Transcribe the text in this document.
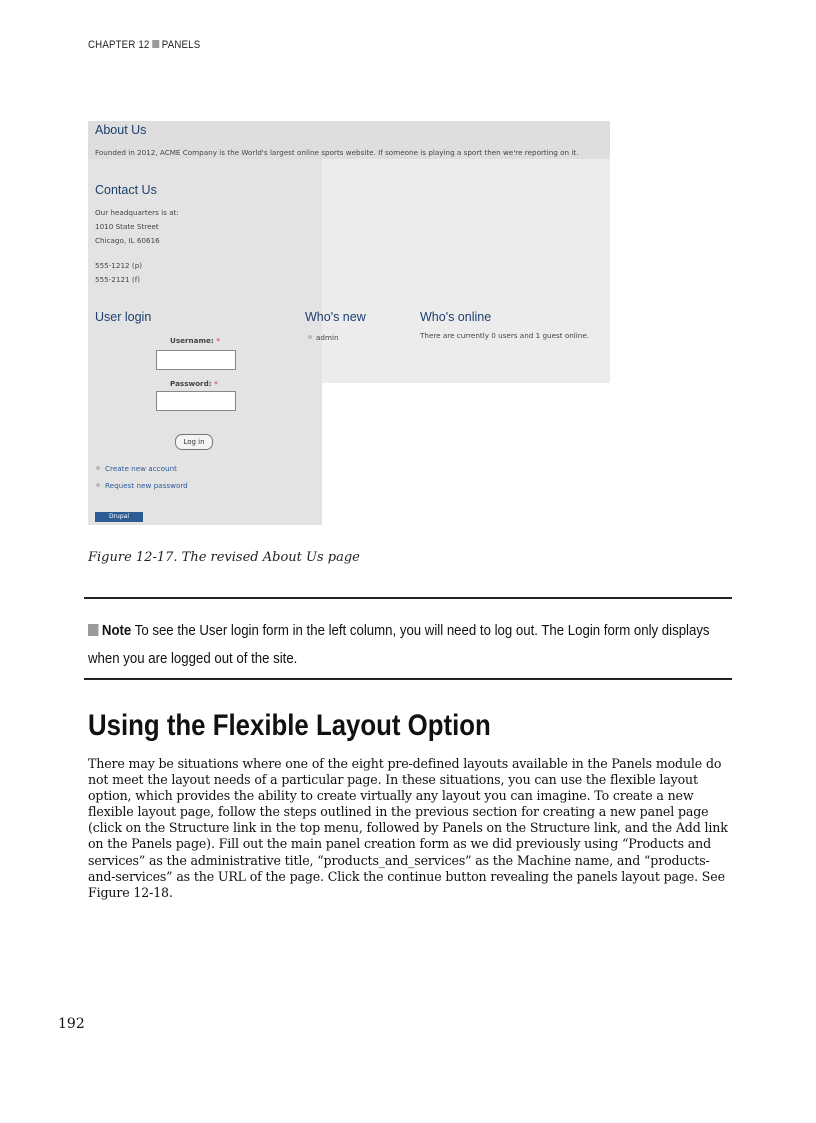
CHAPTER 12 PANELS
About Us
Founded in 2012, ACME Company is the World's largest online sports website. If someone is playing a sport then we're reporting on it.
Contact Us
Our headquarters is at:
1010 State Street
Chicago, IL 60616
555-1212 (p)
555-2121 (f)
User login
Username: *
Password: *
Log in
Create new account
Request new password
Drupal
Who's new
admin
Who's online
There are currently 0 users and 1 guest online.
Figure 12-17. The revised About Us page
Note To see the User login form in the left column, you will need to log out. The Login form only displays when you are logged out of the site.
Using the Flexible Layout Option
There may be situations where one of the eight pre-defined layouts available in the Panels module do not meet the layout needs of a particular page. In these situations, you can use the flexible layout option, which provides the ability to create virtually any layout you can imagine. To create a new flexible layout page, follow the steps outlined in the previous section for creating a new panel page (click on the Structure link in the top menu, followed by Panels on the Structure link, and the Add link on the Panels page). Fill out the main panel creation form as we did previously using “Products and services” as the administrative title, “products_and_services” as the Machine name, and “products-and-services” as the URL of the page. Click the continue button revealing the panels layout page. See Figure 12-18.
192
